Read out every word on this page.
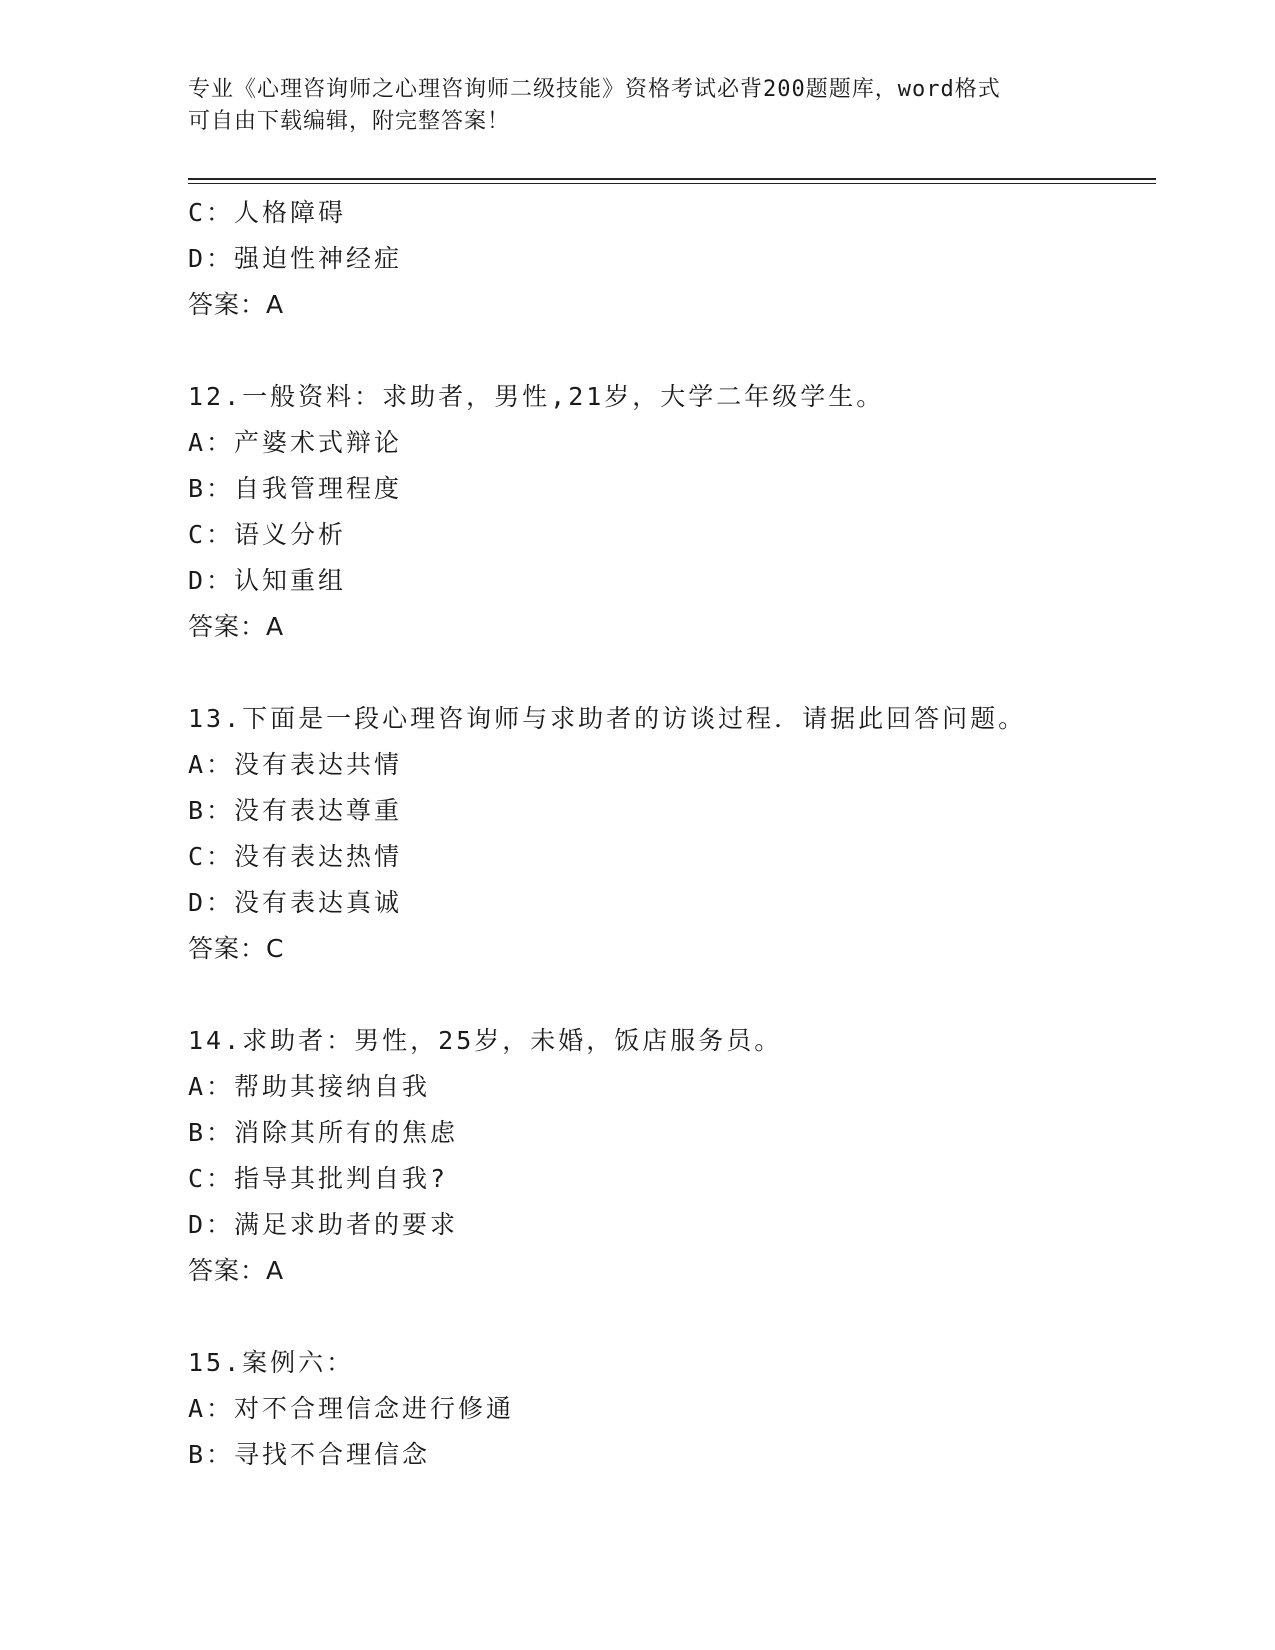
专业《心理咨询师之心理咨询师二级技能》资格考试必背200题题库，word格式

可自由下载编辑，附完整答案！

C：人格障碍
D：强迫性神经症
答案：A
12.一般资料：求助者，男性,21岁，大学二年级学生。
A：产婆术式辩论
B：自我管理程度
C：语义分析
D：认知重组
答案：A
13.下面是一段心理咨询师与求助者的访谈过程．请据此回答问题。
A：没有表达共情
B：没有表达尊重
C：没有表达热情
D：没有表达真诚
答案：C
14.求助者：男性，25岁，未婚，饭店服务员。
A：帮助其接纳自我
B：消除其所有的焦虑
C：指导其批判自我?
D：满足求助者的要求
答案：A
15.案例六：
A：对不合理信念进行修通
B：寻找不合理信念
